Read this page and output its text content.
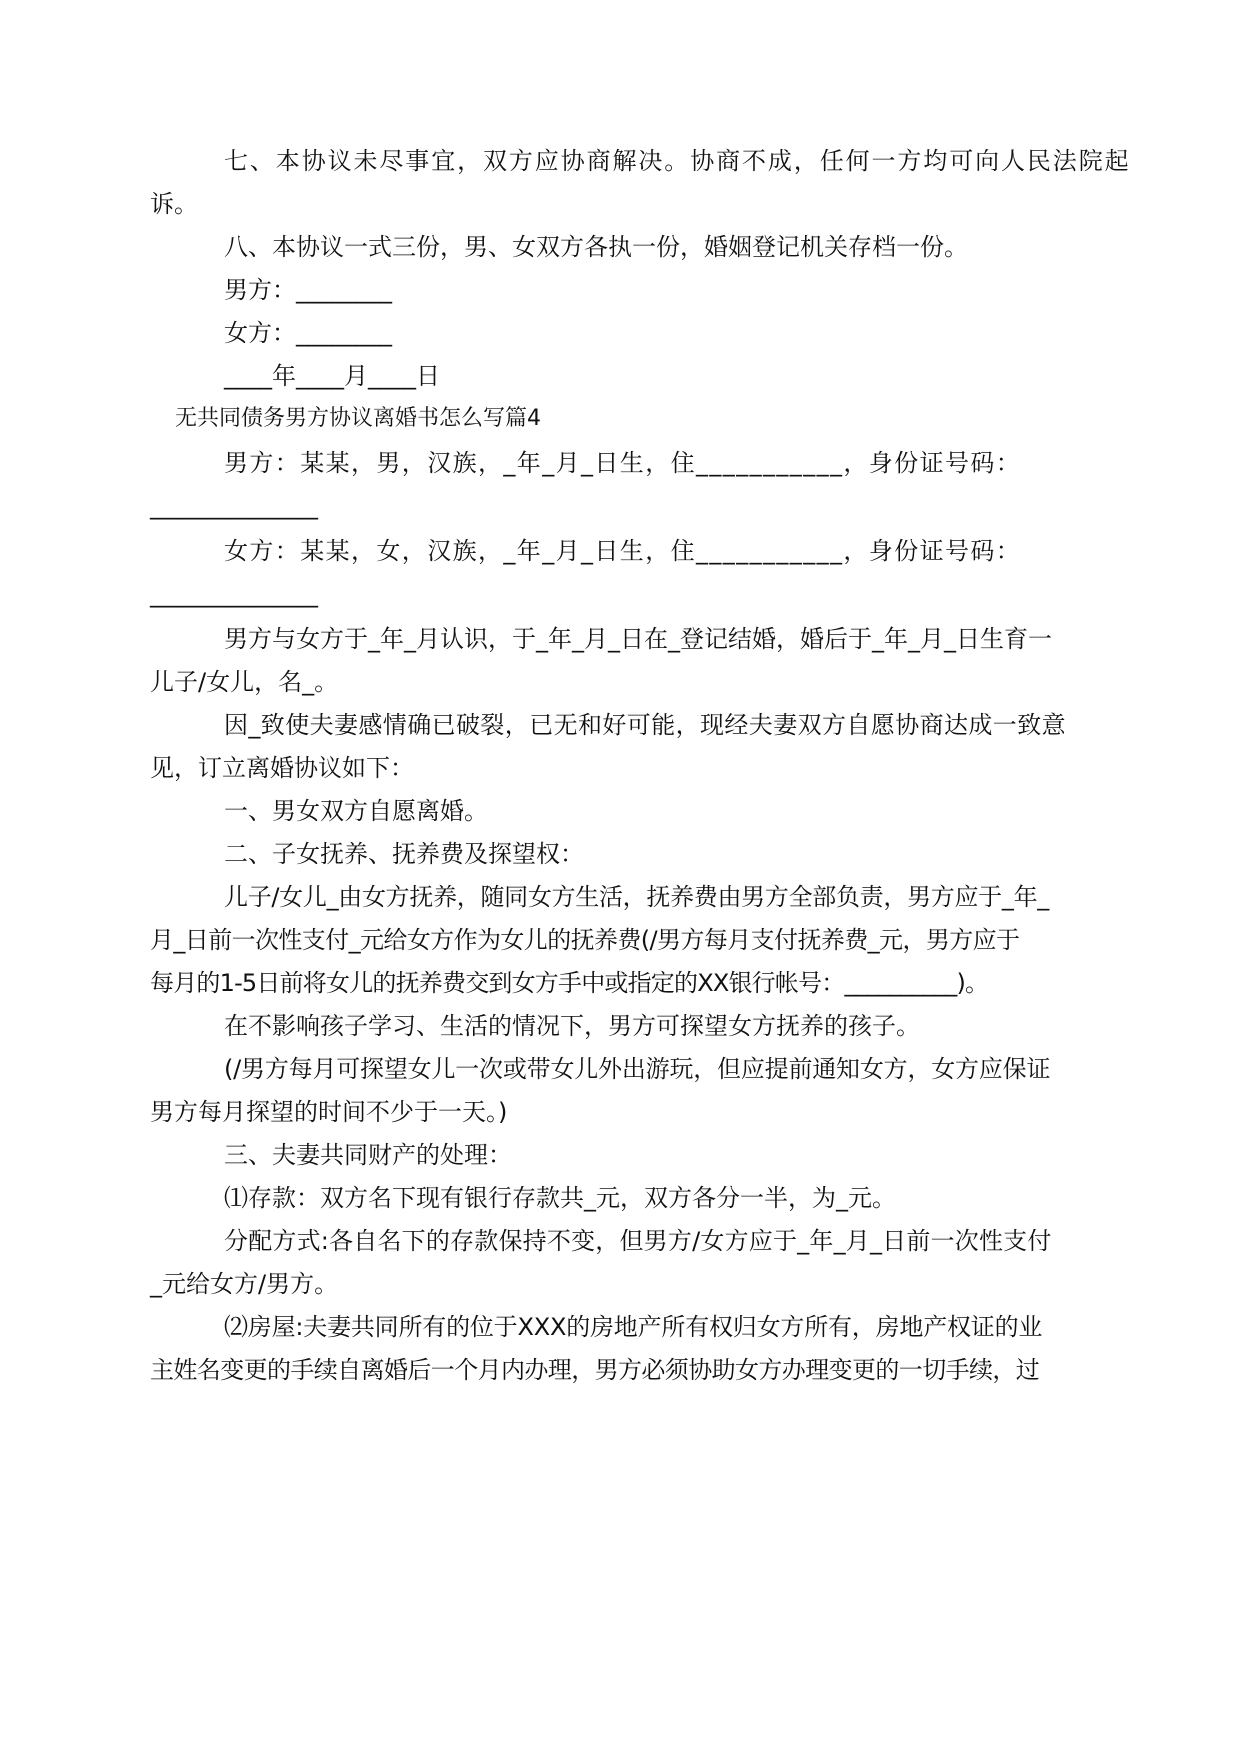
七、本协议未尽事宜，双方应协商解决。协商不成，任何一方均可向人民法院起

诉。

八、本协议一式三份，男、女双方各执一份，婚姻登记机关存档一份。

男方：________

女方：________

____年____月____日

无共同债务男方协议离婚书怎么写篇4

男方：某某，男，汉族，_年_月_日生，住___________，身份证号码：

______________

女方：某某，女，汉族，_年_月_日生，住___________，身份证号码：

______________

男方与女方于_年_月认识，于_年_月_日在_登记结婚，婚后于_年_月_日生育一

儿子/女儿，名_。

因_致使夫妻感情确已破裂，已无和好可能，现经夫妻双方自愿协商达成一致意

见，订立离婚协议如下：

一、男女双方自愿离婚。

二、子女抚养、抚养费及探望权：

儿子/女儿_由女方抚养，随同女方生活，抚养费由男方全部负责，男方应于_年_

月_日前一次性支付_元给女方作为女儿的抚养费(/男方每月支付抚养费_元，男方应于

每月的1-5日前将女儿的抚养费交到女方手中或指定的XX银行帐号：__________)。

在不影响孩子学习、生活的情况下，男方可探望女方抚养的孩子。

(/男方每月可探望女儿一次或带女儿外出游玩，但应提前通知女方，女方应保证

男方每月探望的时间不少于一天。)

三、夫妻共同财产的处理：

⑴存款：双方名下现有银行存款共_元，双方各分一半，为_元。

分配方式:各自名下的存款保持不变，但男方/女方应于_年_月_日前一次性支付

_元给女方/男方。

⑵房屋:夫妻共同所有的位于XXX的房地产所有权归女方所有，房地产权证的业

主姓名变更的手续自离婚后一个月内办理，男方必须协助女方办理变更的一切手续，过
